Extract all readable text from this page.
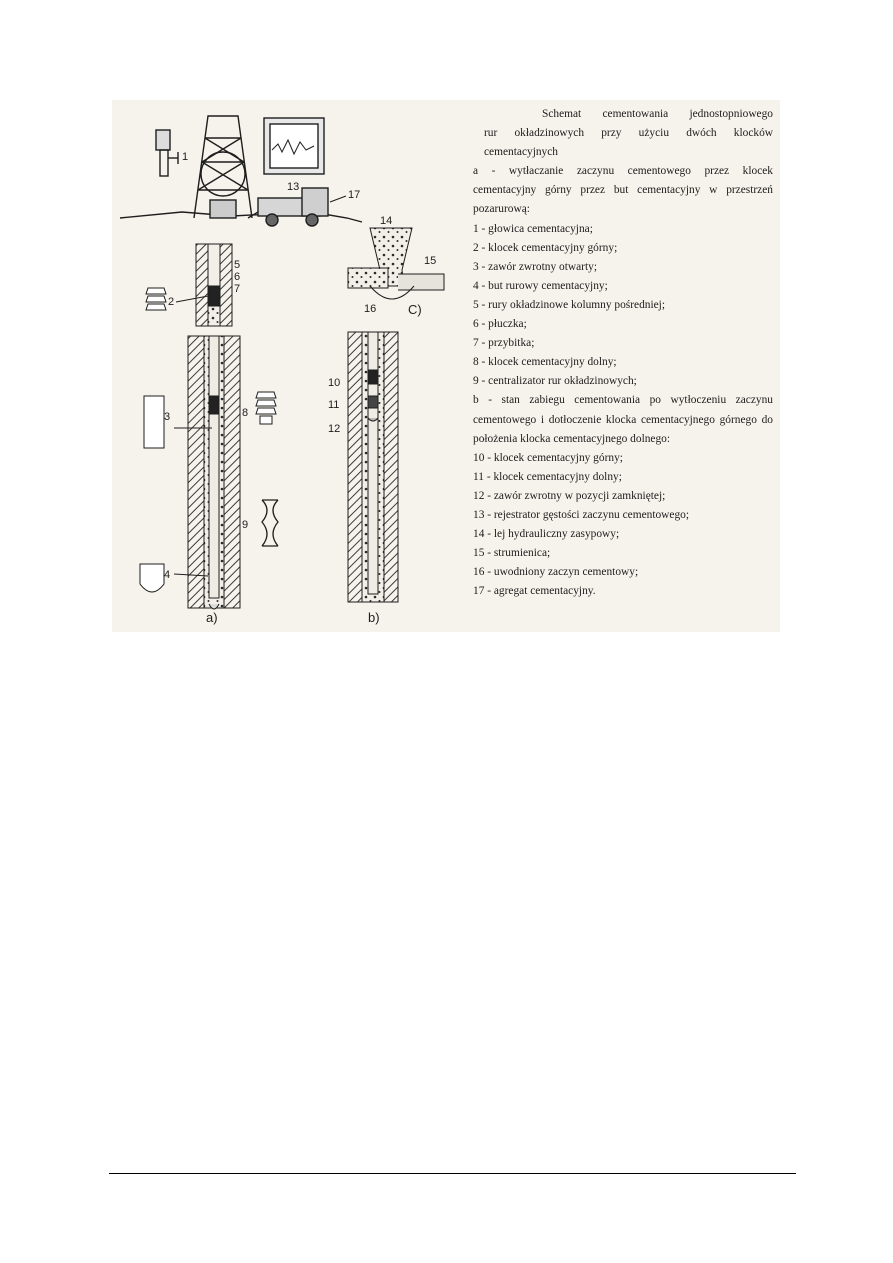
1
13
17
5
6
7
2
8
9
3
4
a)
10
11
12
b)
14
15
16 C)
Schemat cementowania jednostopniowego
rur okładzinowych przy użyciu dwóch klocków
cementacyjnych
a - wytłaczanie zaczynu cementowego przez klocek cementacyjny górny przez but cementacyjny w przestrzeń pozarurową:
1 - głowica cementacyjna;
2 - klocek cementacyjny górny;
3 - zawór zwrotny otwarty;
4 - but rurowy cementacyjny;
5 - rury okładzinowe kolumny pośredniej;
6 - płuczka;
7 - przybitka;
8 - klocek cementacyjny dolny;
9 - centralizator rur okładzinowych;
b - stan zabiegu cementowania po wytłoczeniu zaczynu cementowego i dotłoczenie klocka cementacyjnego górnego do położenia klocka cementacyjnego dolnego:
10 - klocek cementacyjny górny;
11 - klocek cementacyjny dolny;
12 - zawór zwrotny w pozycji zamkniętej;
13 - rejestrator gęstości zaczynu cementowego;
14 - lej hydrauliczny zasypowy;
15 - strumienica;
16 - uwodniony zaczyn cementowy;
17 - agregat cementacyjny.
